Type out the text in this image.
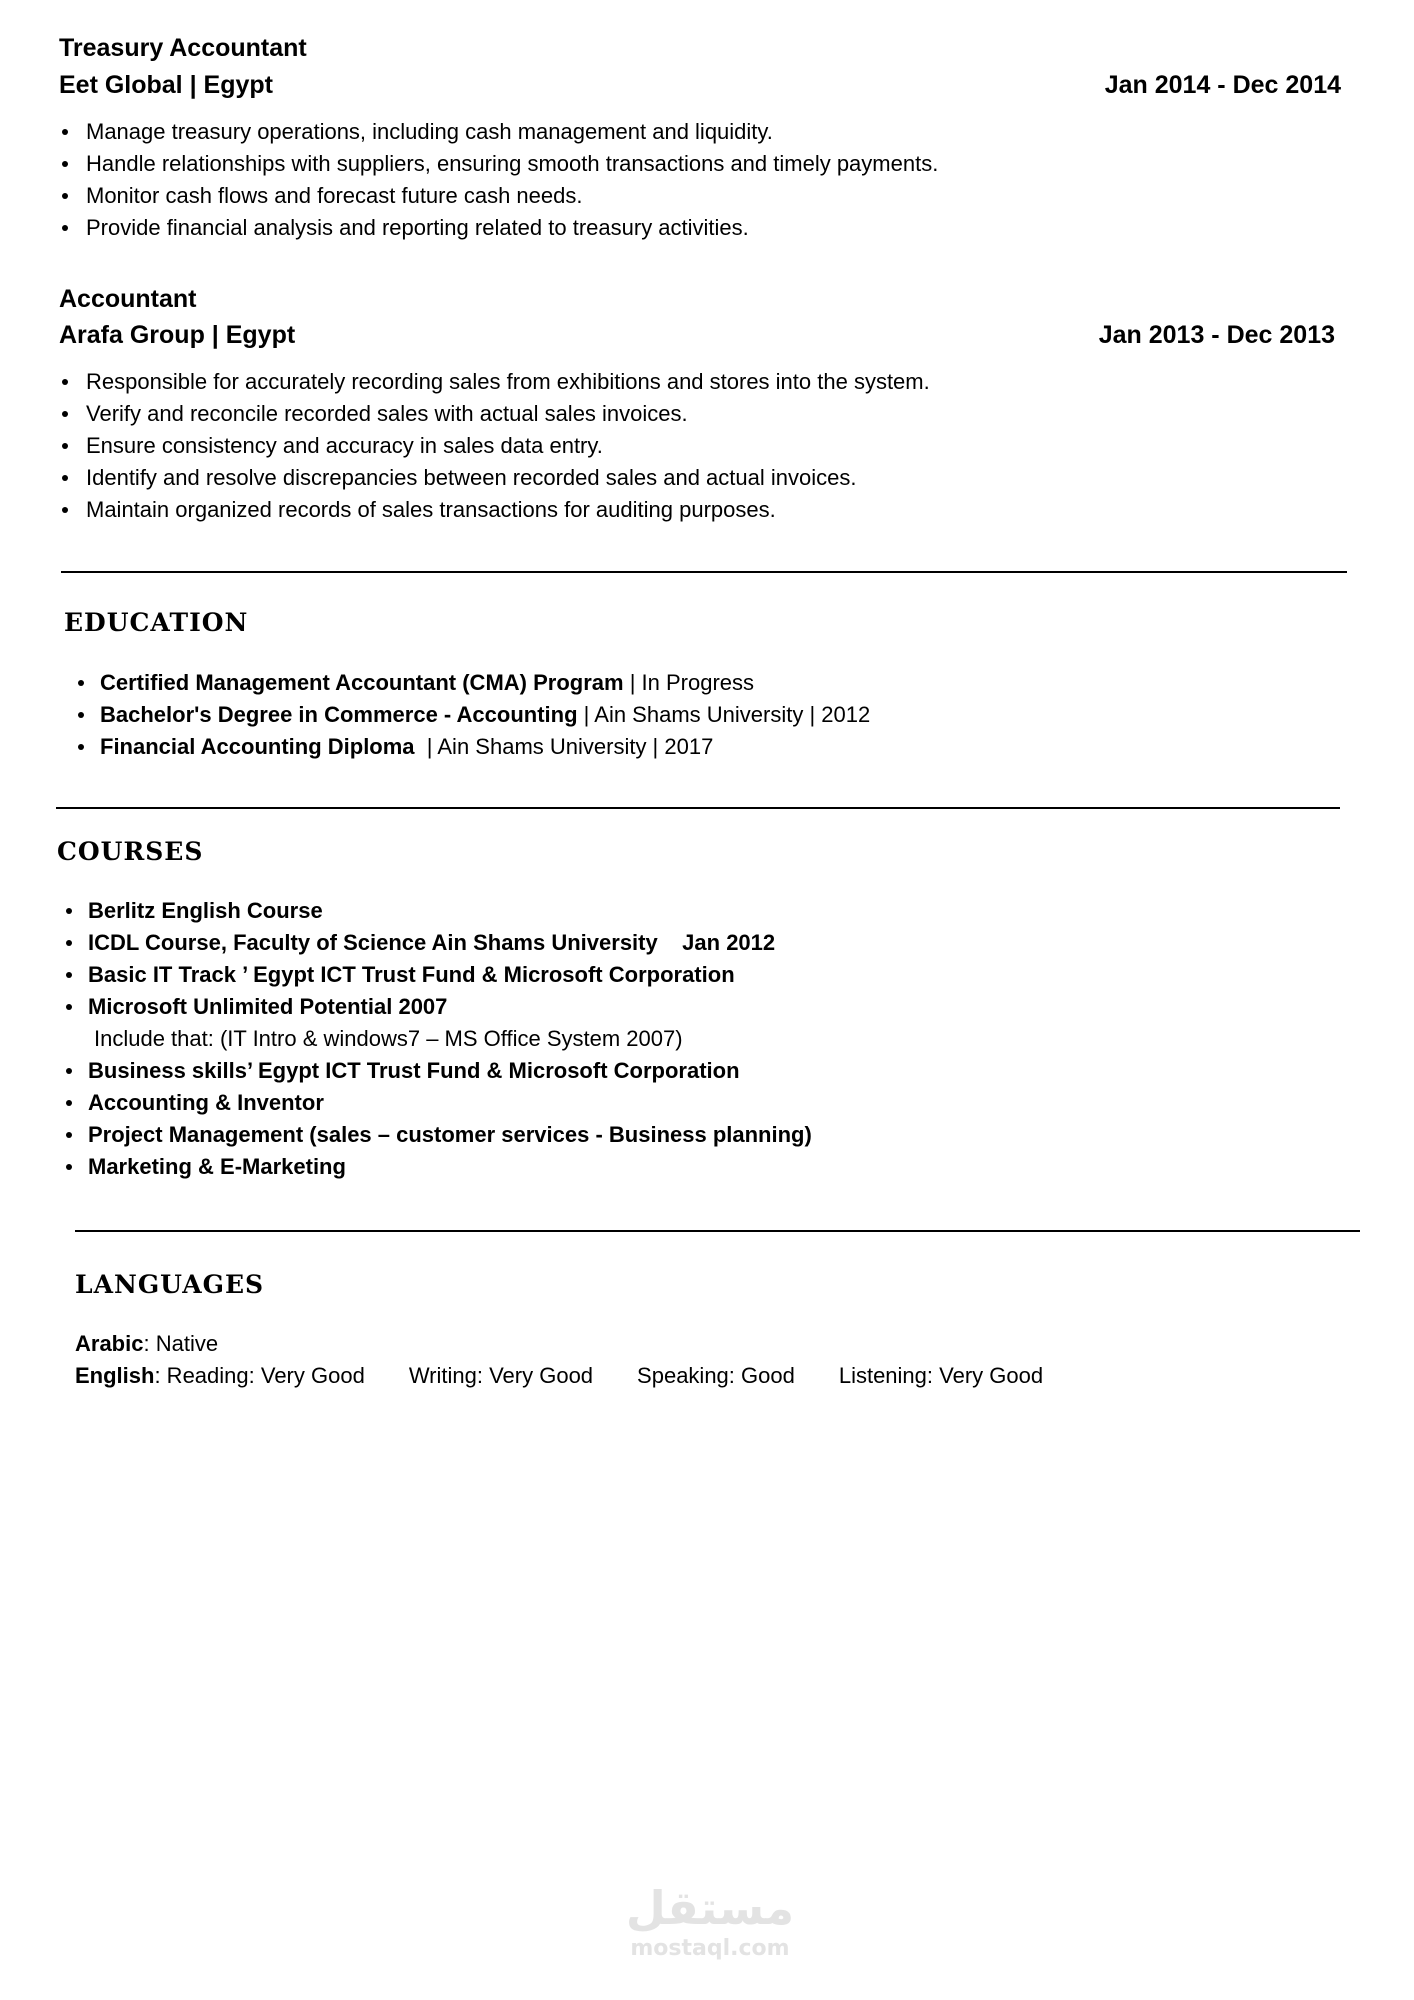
Treasury Accountant
Eet Global | Egypt	Jan 2014 - Dec 2014
Manage treasury operations, including cash management and liquidity.
Handle relationships with suppliers, ensuring smooth transactions and timely payments.
Monitor cash flows and forecast future cash needs.
Provide financial analysis and reporting related to treasury activities.
Accountant
Arafa Group | Egypt	Jan 2013 - Dec 2013
Responsible for accurately recording sales from exhibitions and stores into the system.
Verify and reconcile recorded sales with actual sales invoices.
Ensure consistency and accuracy in sales data entry.
Identify and resolve discrepancies between recorded sales and actual invoices.
Maintain organized records of sales transactions for auditing purposes.
EDUCATION
Certified Management Accountant (CMA) Program | In Progress
Bachelor's Degree in Commerce - Accounting | Ain Shams University | 2012
Financial Accounting Diploma  | Ain Shams University | 2017
COURSES
Berlitz English Course
ICDL Course, Faculty of Science Ain Shams University    Jan 2012
Basic IT Track ’ Egypt ICT Trust Fund & Microsoft Corporation
Microsoft Unlimited Potential 2007
Include that: (IT Intro & windows7 – MS Office System 2007)
Business skills’ Egypt ICT Trust Fund & Microsoft Corporation
Accounting & Inventor
Project Management (sales – customer services - Business planning)
Marketing & E-Marketing
LANGUAGES
Arabic: Native
English: Reading: Very Good Writing: Very Good Speaking: Good Listening: Very Good
مستقل
mostaql.com
